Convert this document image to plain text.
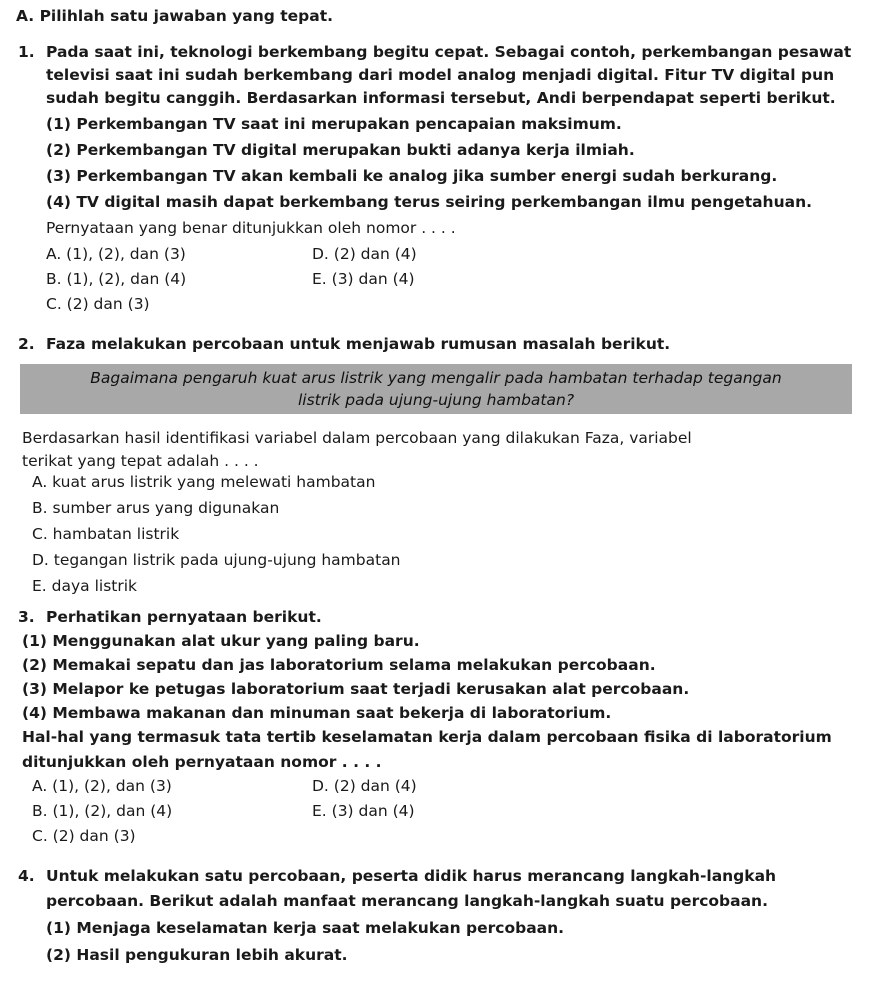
A. Pilihlah satu jawaban yang tepat.
1. Pada saat ini, teknologi berkembang begitu cepat. Sebagai contoh, perkembangan pesawat
televisi saat ini sudah berkembang dari model analog menjadi digital. Fitur TV digital pun
sudah begitu canggih. Berdasarkan informasi tersebut, Andi berpendapat seperti berikut.
(1) Perkembangan TV saat ini merupakan pencapaian maksimum.
(2) Perkembangan TV digital merupakan bukti adanya kerja ilmiah.
(3) Perkembangan TV akan kembali ke analog jika sumber energi sudah berkurang.
(4) TV digital masih dapat berkembang terus seiring perkembangan ilmu pengetahuan.
Pernyataan yang benar ditunjukkan oleh nomor . . . .
A. (1), (2), dan (3)	D. (2) dan (4)
B. (1), (2), dan (4)	E. (3) dan (4)
C. (2) dan (3)
2. Faza melakukan percobaan untuk menjawab rumusan masalah berikut.
Bagaimana pengaruh kuat arus listrik yang mengalir pada hambatan terhadap tegangan
listrik pada ujung-ujung hambatan?
Berdasarkan hasil identifikasi variabel dalam percobaan yang dilakukan Faza, variabel
terikat yang tepat adalah . . . .
A. kuat arus listrik yang melewati hambatan
B. sumber arus yang digunakan
C. hambatan listrik
D. tegangan listrik pada ujung-ujung hambatan
E. daya listrik
3. Perhatikan pernyataan berikut.
(1) Menggunakan alat ukur yang paling baru.
(2) Memakai sepatu dan jas laboratorium selama melakukan percobaan.
(3) Melapor ke petugas laboratorium saat terjadi kerusakan alat percobaan.
(4) Membawa makanan dan minuman saat bekerja di laboratorium.
Hal-hal yang termasuk tata tertib keselamatan kerja dalam percobaan fisika di laboratorium
ditunjukkan oleh pernyataan nomor . . . .
A. (1), (2), dan (3)	D. (2) dan (4)
B. (1), (2), dan (4)	E. (3) dan (4)
C. (2) dan (3)
4. Untuk melakukan satu percobaan, peserta didik harus merancang langkah-langkah
percobaan. Berikut adalah manfaat merancang langkah-langkah suatu percobaan.
(1) Menjaga keselamatan kerja saat melakukan percobaan.
(2) Hasil pengukuran lebih akurat.
